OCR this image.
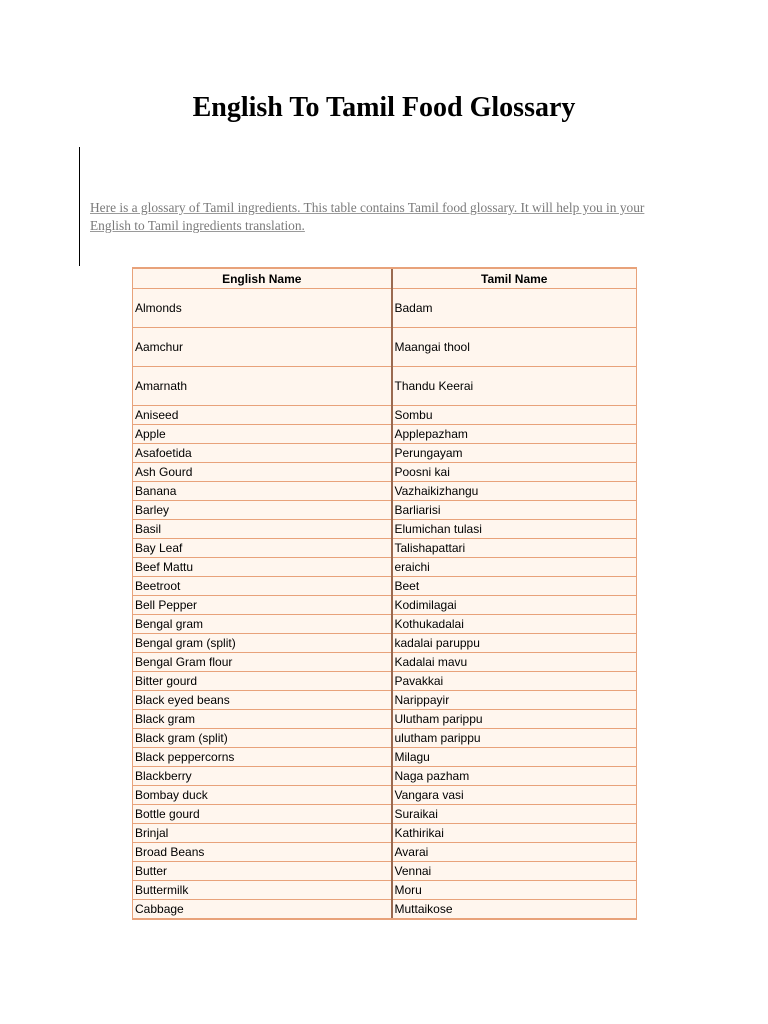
English To Tamil Food Glossary

Here is a glossary of Tamil ingredients. This table contains Tamil food glossary. It will help you in your English to Tamil ingredients translation.

English Name	Tamil Name
Almonds	Badam
Aamchur	Maangai thool
Amarnath	Thandu Keerai
Aniseed	Sombu
Apple	Applepazham
Asafoetida	Perungayam
Ash Gourd	Poosni kai
Banana	Vazhaikizhangu
Barley	Barliarisi
Basil	Elumichan tulasi
Bay Leaf	Talishapattari
Beef Mattu	eraichi
Beetroot	Beet
Bell Pepper	Kodimilagai
Bengal gram	Kothukadalai
Bengal gram (split)	kadalai paruppu
Bengal Gram flour	Kadalai mavu
Bitter gourd	Pavakkai
Black eyed beans	Narippayir
Black gram	Ulutham parippu
Black gram (split)	ulutham parippu
Black peppercorns	Milagu
Blackberry	Naga pazham
Bombay duck	Vangara vasi
Bottle gourd	Suraikai
Brinjal	Kathirikai
Broad Beans	Avarai
Butter	Vennai
Buttermilk	Moru
Cabbage	Muttaikose
